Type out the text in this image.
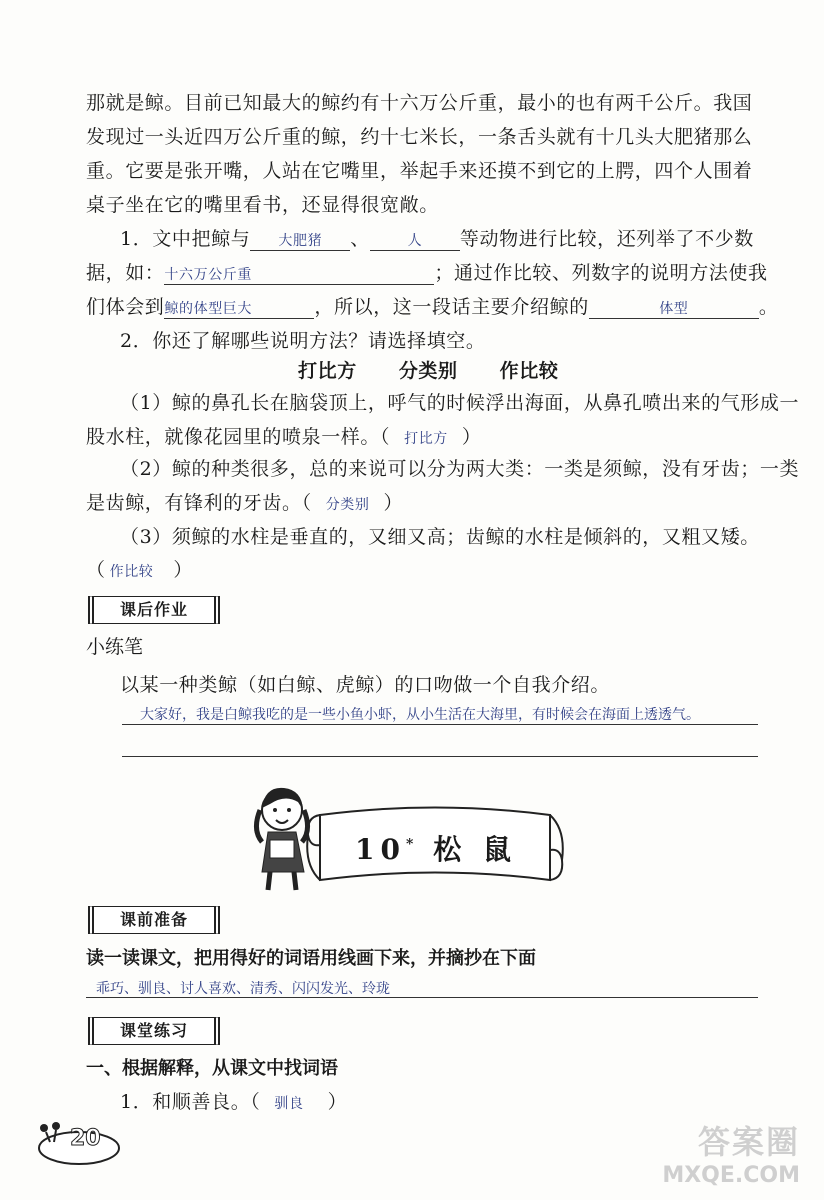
那就是鲸。目前已知最大的鲸约有十六万公斤重，最小的也有两千公斤。我国
发现过一头近四万公斤重的鲸，约十七米长，一条舌头就有十几头大肥猪那么
重。它要是张开嘴，人站在它嘴里，举起手来还摸不到它的上腭，四个人围着
桌子坐在它的嘴里看书，还显得很宽敞。
1．文中把鲸与 大肥猪 、	人 等动物进行比较，还列举了不少数
据，如：十六万公斤重	；通过作比较、列数字的说明方法使我
们体会到鲸的体型巨大	，所以，这一段话主要介绍鲸的	体型	。
2．你还了解哪些说明方法？请选择填空。
打比方 分类别 作比较
（1）鲸的鼻孔长在脑袋顶上，呼气的时候浮出海面，从鼻孔喷出来的气形成一
股水柱，就像花园里的喷泉一样。（ 打比方 ）
（2）鲸的种类很多，总的来说可以分为两大类：一类是须鲸，没有牙齿；一类
是齿鲸，有锋利的牙齿。（ 分类别 ）
（3）须鲸的水柱是垂直的，又细又高；齿鲸的水柱是倾斜的，又粗又矮。
（ 作比较 ）
课后作业
小练笔
以某一种类鲸（如白鲸、虎鲸）的口吻做一个自我介绍。
大家好，我是白鲸我吃的是一些小鱼小虾，从小生活在大海里，有时候会在海面上透透气。
10* 松 鼠
课前准备
读一读课文，把用得好的词语用线画下来，并摘抄在下面
乖巧、驯良、讨人喜欢、清秀、闪闪发光、玲珑
课堂练习
一、根据解释，从课文中找词语
1．和顺善良。（ 驯良 ）
20	答案圈
MXQE.COM
